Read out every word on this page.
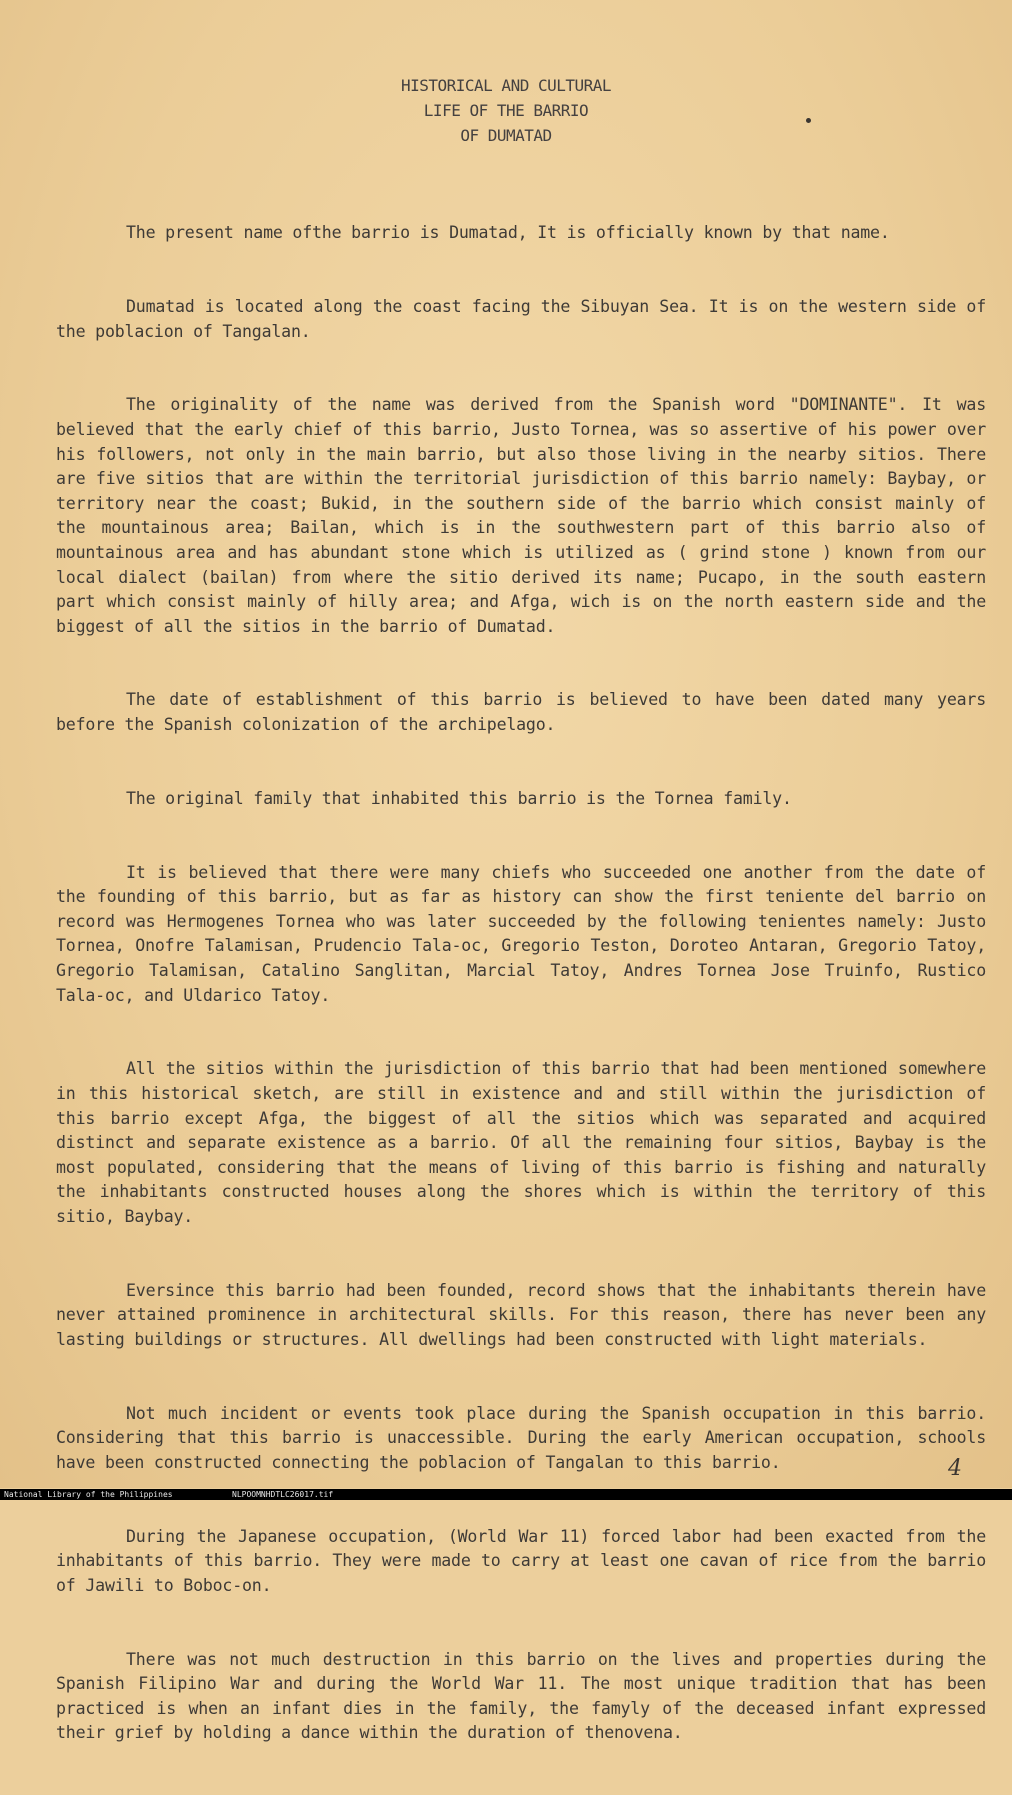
HISTORICAL AND CULTURAL
LIFE OF THE BARRIO
OF DUMATAD

The present name ofthe barrio is Dumatad, It is officially known by that name.

Dumatad is located along the coast facing the Sibuyan Sea. It is on the western side of the poblacion of Tangalan.

The originality of the name was derived from the Spanish word "DOMINANTE". It was believed that the early chief of this barrio, Justo Tornea, was so assertive of his power over his followers, not only in the main barrio, but also those living in the nearby sitios. There are five sitios that are within the territorial jurisdiction of this barrio namely: Baybay, or territory near the coast; Bukid, in the southern side of the barrio which consist mainly of the mountainous area; Bailan, which is in the southwestern part of this barrio also of mountainous area and has abundant stone which is utilized as ( grind stone ) known from our local dialect (bailan) from where the sitio derived its name; Pucapo, in the south eastern part which consist mainly of hilly area; and Afga, wich is on the north eastern side and the biggest of all the sitios in the barrio of Dumatad.

The date of establishment of this barrio is believed to have been dated many years before the Spanish colonization of the archipelago.

The original family that inhabited this barrio is the Tornea family.

It is believed that there were many chiefs who succeeded one another from the date of the founding of this barrio, but as far as history can show the first teniente del barrio on record was Hermogenes Tornea who was later succeeded by the following tenientes namely: Justo Tornea, Onofre Talamisan, Prudencio Tala-oc, Gregorio Teston, Doroteo Antaran, Gregorio Tatoy, Gregorio Talamisan, Catalino Sanglitan, Marcial Tatoy, Andres Tornea Jose Truinfo, Rustico Tala-oc, and Uldarico Tatoy.

All the sitios within the jurisdiction of this barrio that had been mentioned somewhere in this historical sketch, are still in existence and and still within the jurisdiction of this barrio except Afga, the biggest of all the sitios which was separated and acquired distinct and separate existence as a barrio. Of all the remaining four sitios, Baybay is the most populated, considering that the means of living of this barrio is fishing and naturally the inhabitants constructed houses along the shores which is within the territory of this sitio, Baybay.

Eversince this barrio had been founded, record shows that the inhabitants therein have never attained prominence in architectural skills. For this reason, there has never been any lasting buildings or structures. All dwellings had been constructed with light materials.

Not much incident or events took place during the Spanish occupation in this barrio. Considering that this barrio is unaccessible. During the early American occupation, schools have been constructed connecting the poblacion of Tangalan to this barrio.

During the Japanese occupation, (World War 11) forced labor had been exacted from the inhabitants of this barrio. They were made to carry at least one cavan of rice from the barrio of Jawili to Boboc-on.

There was not much destruction in this barrio on the lives and properties during the Spanish Filipino War and during the World War 11. The most unique tradition that has been practiced is when an infant dies in the family, the famyly of the deceased infant expressed their grief by holding a dance within the duration of thenovena.

4
National Library of the Philippines	NLPOOMNHDTLC26017.tif
